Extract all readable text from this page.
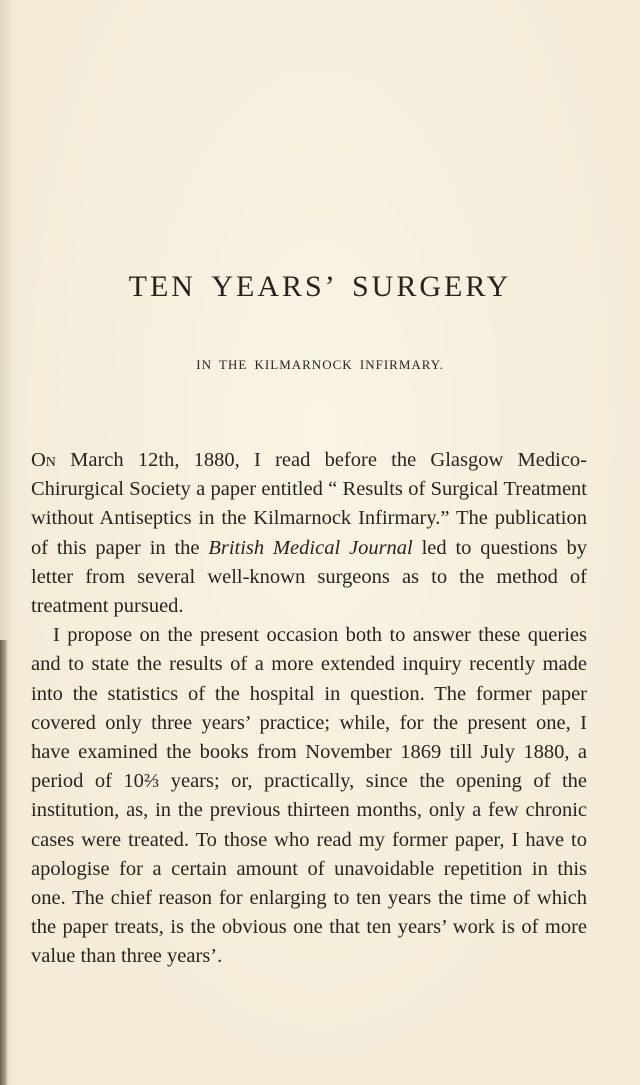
TEN YEARS’ SURGERY
IN THE KILMARNOCK INFIRMARY.

On March 12th, 1880, I read before the Glasgow Medico-Chirurgical Society a paper entitled “ Results of Surgical Treatment without Antiseptics in the Kilmarnock Infirmary.” The publication of this paper in the British Medical Journal led to questions by letter from several well-known surgeons as to the method of treatment pursued.

I propose on the present occasion both to answer these queries and to state the results of a more extended inquiry recently made into the statistics of the hospital in question. The former paper covered only three years’ practice; while, for the present one, I have examined the books from November 1869 till July 1880, a period of 10⅔ years; or, practically, since the opening of the institution, as, in the previous thirteen months, only a few chronic cases were treated. To those who read my former paper, I have to apologise for a certain amount of unavoidable repetition in this one. The chief reason for enlarging to ten years the time of which the paper treats, is the obvious one that ten years’ work is of more value than three years’.
